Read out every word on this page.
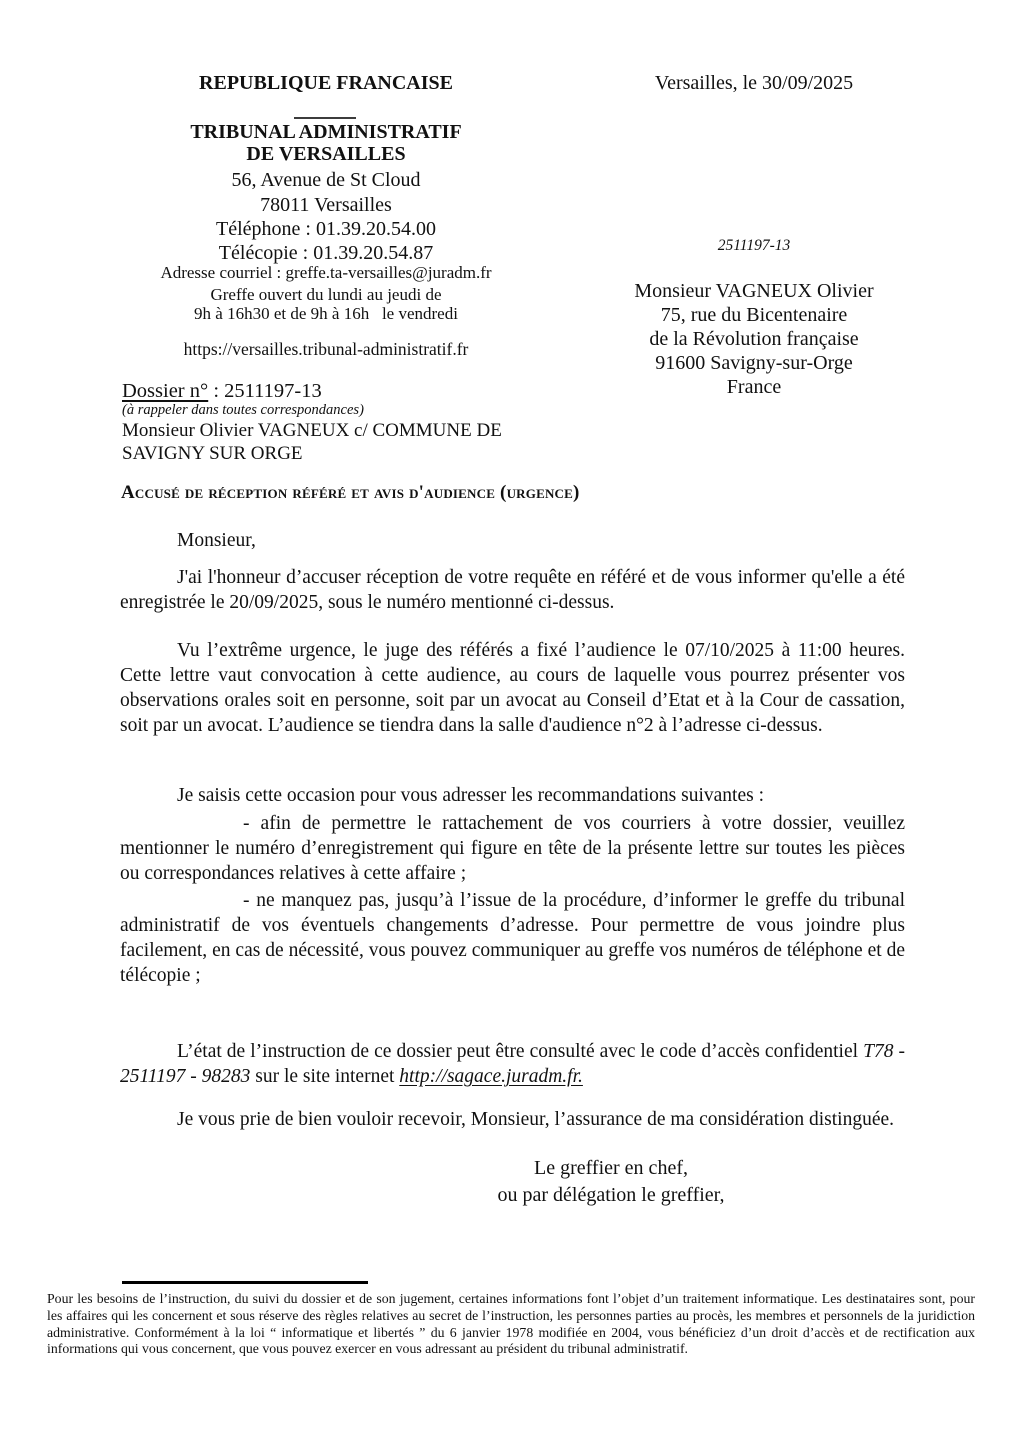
REPUBLIQUE FRANCAISE
TRIBUNAL ADMINISTRATIF
DE VERSAILLES
56, Avenue de St Cloud
78011 Versailles
Téléphone : 01.39.20.54.00
Télécopie : 01.39.20.54.87
Adresse courriel : greffe.ta-versailles@juradm.fr
Greffe ouvert du lundi au jeudi de
9h à 16h30 et de 9h à 16h   le vendredi
https://versailles.tribunal-administratif.fr
Versailles, le 30/09/2025
2511197-13
Monsieur VAGNEUX Olivier
75, rue du Bicentenaire
de la Révolution française
91600 Savigny-sur-Orge
France
Dossier n° : 2511197-13
(à rappeler dans toutes correspondances)
Monsieur Olivier VAGNEUX c/ COMMUNE DE
SAVIGNY SUR ORGE
Accusé de réception référé et avis d'audience (urgence)
Monsieur,
J'ai l'honneur d’accuser réception de votre requête en référé et de vous informer qu'elle a été enregistrée le 20/09/2025, sous le numéro mentionné ci-dessus.
Vu l’extrême urgence, le juge des référés a fixé l’audience le 07/10/2025 à 11:00 heures. Cette lettre vaut convocation à cette audience, au cours de laquelle vous pourrez présenter vos observations orales soit en personne, soit par un avocat au Conseil d’Etat et à la Cour de cassation, soit par un avocat. L’audience se tiendra dans la salle d'audience n°2 à l’adresse ci-dessus.
Je saisis cette occasion pour vous adresser les recommandations suivantes :
- afin de permettre le rattachement de vos courriers à votre dossier, veuillez mentionner le numéro d’enregistrement qui figure en tête de la présente lettre sur toutes les pièces ou correspondances relatives à cette affaire ;
- ne manquez pas, jusqu’à l’issue de la procédure, d’informer le greffe du tribunal administratif de vos éventuels changements d’adresse. Pour permettre de vous joindre plus facilement, en cas de nécessité, vous pouvez communiquer au greffe vos numéros de téléphone et de télécopie ;
L’état de l’instruction de ce dossier peut être consulté avec le code d’accès confidentiel T78 - 2511197 - 98283 sur le site internet http://sagace.juradm.fr.
Je vous prie de bien vouloir recevoir, Monsieur, l’assurance de ma considération distinguée.
Le greffier en chef,
ou par délégation le greffier,
Pour les besoins de l’instruction, du suivi du dossier et de son jugement, certaines informations font l’objet d’un traitement informatique. Les destinataires sont, pour les affaires qui les concernent et sous réserve des règles relatives au secret de l’instruction, les personnes parties au procès, les membres et personnels de la juridiction administrative. Conformément à la loi “ informatique et libertés ” du 6 janvier 1978 modifiée en 2004, vous bénéficiez d’un droit d’accès et de rectification aux informations qui vous concernent, que vous pouvez exercer en vous adressant au président du tribunal administratif.
